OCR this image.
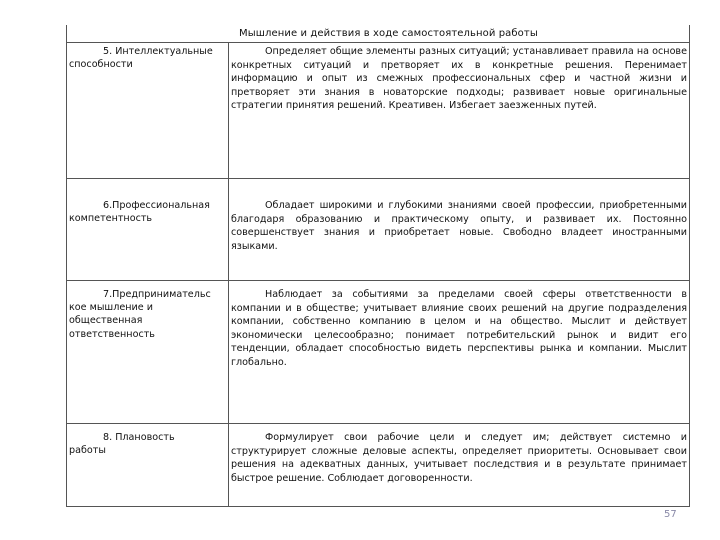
Мышление и действия в ходе самостоятельной работы
5. Интеллектуальные
способности
Определяет общие элементы разных ситуаций; устанавливает правила на основе конкретных ситуаций и претворяет их в конкретные решения. Перенимает информацию и опыт из смежных профессиональных сфер и частной жизни и претворяет эти знания в новаторские подходы; развивает новые оригинальные стратегии принятия решений. Креативен. Избегает заезженных путей.
6.Профессиональная
компетентность
Обладает широкими и глубокими знаниями своей профессии, приобретенными благодаря образованию и практическому опыту, и развивает их. Постоянно совершенствует знания и приобретает новые. Свободно владеет иностранными языками.
7.Предпринимательс
кое мышление и
общественная
ответственность
Наблюдает за событиями за пределами своей сферы ответственности в компании и в обществе; учитывает влияние своих решений на другие подразделения компании, собственно компанию в целом и на общество. Мыслит и действует экономически целесообразно; понимает потребительский рынок и видит его тенденции, обладает способностью видеть перспективы рынка и компании. Мыслит глобально.
8. Плановость
работы
Формулирует свои рабочие цели и следует им; действует системно и структурирует сложные деловые аспекты, определяет приоритеты. Основывает свои решения на адекватных данных, учитывает последствия и в результате принимает быстрое решение. Соблюдает договоренности.
57
